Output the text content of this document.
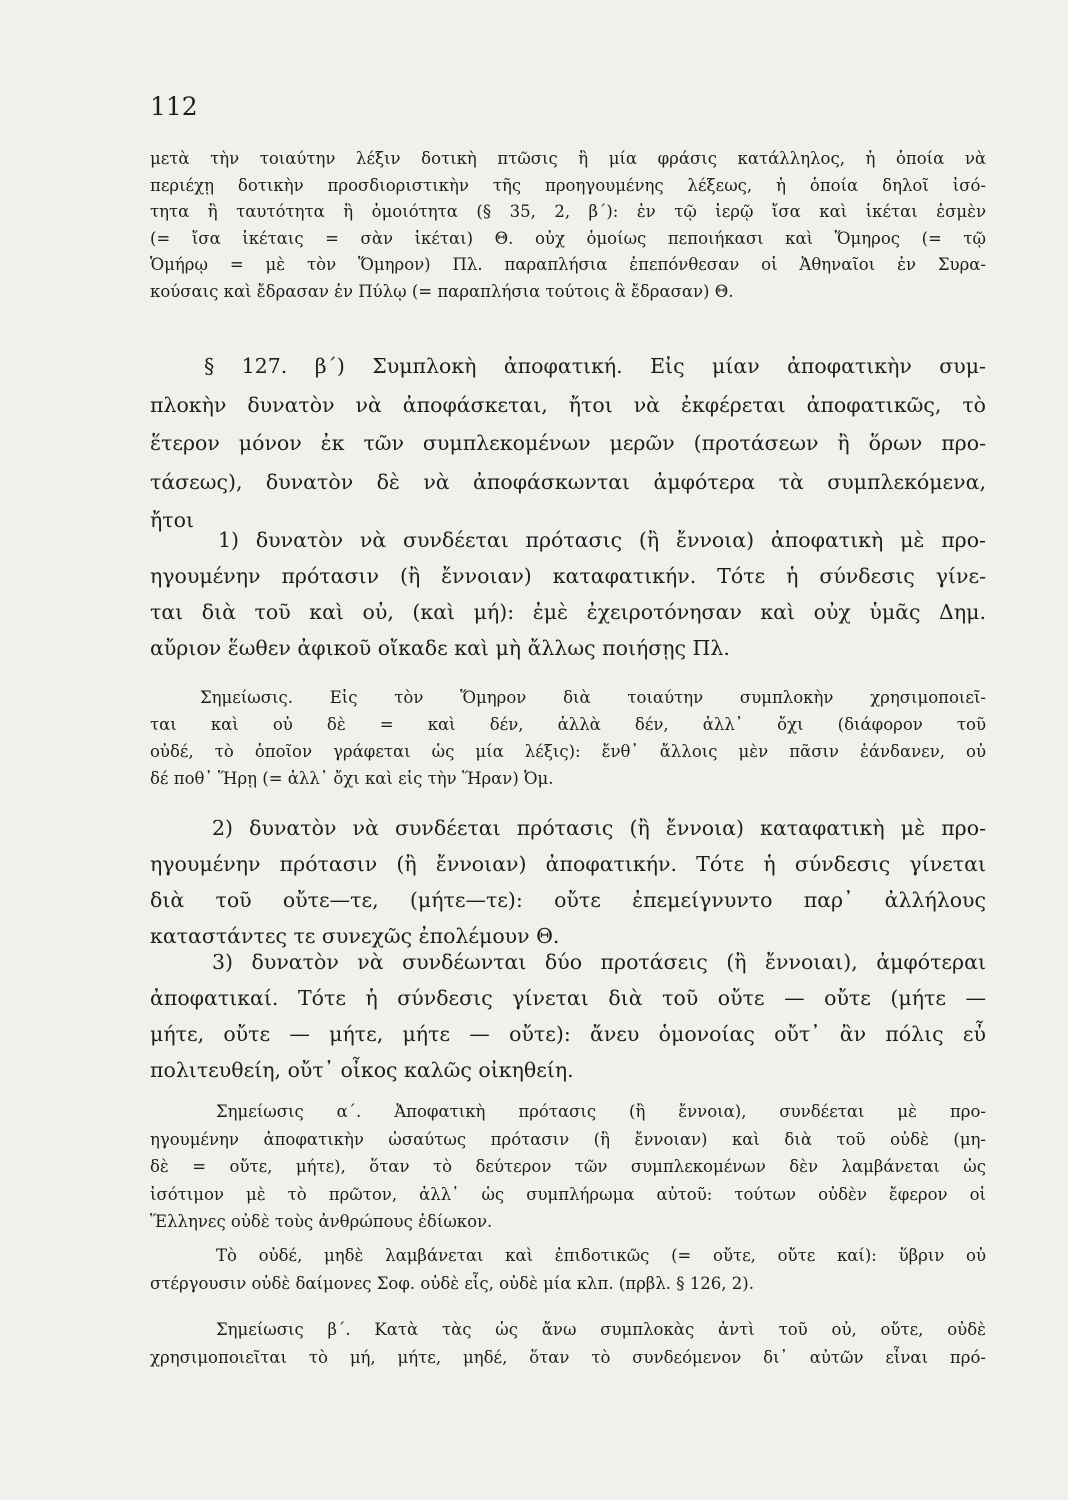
112
μετὰ τὴν τοιαύτην λέξιν δοτικὴ πτῶσις ἢ μία φράσις κατάλληλος, ἡ ὁποία νὰ
περιέχῃ δοτικὴν προσδιοριστικὴν τῆς προηγουμένης λέξεως, ἡ ὁποία δηλοῖ ἰσό-
τητα ἢ ταυτότητα ἢ ὁμοιότητα (§ 35, 2, β΄): ἐν τῷ ἱερῷ ἴσα καὶ ἱκέται ἐσμὲν
(= ἴσα ἱκέταις = σὰν ἱκέται) Θ. οὐχ ὁμοίως πεποιήκασι καὶ Ὅμηρος (= τῷ
Ὁμήρῳ = μὲ τὸν Ὅμηρον) Πλ. παραπλήσια ἐπεπόνθεσαν οἱ Ἀθηναῖοι ἐν Συρα-
κούσαις καὶ ἔδρασαν ἐν Πύλῳ (= παραπλήσια τούτοις ἃ ἔδρασαν) Θ.
§ 127. β΄) Συμπλοκὴ ἀποφατική. Εἰς μίαν ἀποφατικὴν συμ-
πλοκὴν δυνατὸν νὰ ἀποφάσκεται, ἤτοι νὰ ἐκφέρεται ἀποφατικῶς, τὸ
ἕτερον μόνον ἐκ τῶν συμπλεκομένων μερῶν (προτάσεων ἢ ὅρων προ-
τάσεως), δυνατὸν δὲ νὰ ἀποφάσκωνται ἀμφότερα τὰ συμπλεκόμενα,
ἤτοι
1) δυνατὸν νὰ συνδέεται πρότασις (ἢ ἔννοια) ἀποφατικὴ μὲ προ-
ηγουμένην πρότασιν (ἢ ἔννοιαν) καταφατικήν. Τότε ἡ σύνδεσις γίνε-
ται διὰ τοῦ καὶ οὐ, (καὶ μή): ἐμὲ ἐχειροτόνησαν καὶ οὐχ ὑμᾶς Δημ.
αὔριον ἕωθεν ἀφικοῦ οἴκαδε καὶ μὴ ἄλλως ποιήσῃς Πλ.
Σημείωσις. Εἰς τὸν Ὅμηρον διὰ τοιαύτην συμπλοκὴν χρησιμοποιεῖ-
ται καὶ οὐ δὲ = καὶ δέν, ἀλλὰ δέν, ἀλλ᾽ ὄχι (διάφορον τοῦ
οὐδέ, τὸ ὁποῖον γράφεται ὡς μία λέξις): ἔνθ᾽ ἄλλοις μὲν πᾶσιν ἑάνδανεν, οὐ
δέ ποθ᾽ Ἥρῃ (= ἀλλ᾽ ὄχι καὶ εἰς τὴν Ἥραν) Ὀμ.
2) δυνατὸν νὰ συνδέεται πρότασις (ἢ ἔννοια) καταφατικὴ μὲ προ-
ηγουμένην πρότασιν (ἢ ἔννοιαν) ἀποφατικήν. Τότε ἡ σύνδεσις γίνεται
διὰ τοῦ οὔτε—τε, (μήτε—τε): οὔτε ἐπεμείγνυντο παρ᾽ ἀλλήλους
καταστάντες τε συνεχῶς ἐπολέμουν Θ.
3) δυνατὸν νὰ συνδέωνται δύο προτάσεις (ἢ ἔννοιαι), ἀμφότεραι
ἀποφατικαί. Τότε ἡ σύνδεσις γίνεται διὰ τοῦ οὔτε — οὔτε (μήτε —
μήτε, οὔτε — μήτε, μήτε — οὔτε): ἄνευ ὁμονοίας οὔτ᾽ ἂν πόλις εὖ
πολιτευθείη, οὔτ᾽ οἶκος καλῶς οἰκηθείη.
Σημείωσις α΄. Ἀποφατικὴ πρότασις (ἢ ἔννοια), συνδέεται μὲ προ-
ηγουμένην ἀποφατικὴν ὡσαύτως πρότασιν (ἢ ἔννοιαν) καὶ διὰ τοῦ οὐδὲ (μη-
δὲ = οὔτε, μήτε), ὅταν τὸ δεύτερον τῶν συμπλεκομένων δὲν λαμβάνεται ὡς
ἰσότιμον μὲ τὸ πρῶτον, ἀλλ᾽ ὡς συμπλήρωμα αὐτοῦ: τούτων οὐδὲν ἔφερον οἱ
Ἕλληνες οὐδὲ τοὺς ἀνθρώπους ἐδίωκον.
Τὸ οὐδέ, μηδὲ λαμβάνεται καὶ ἐπιδοτικῶς (= οὔτε, οὔτε καί): ὕβριν οὐ
στέργουσιν οὐδὲ δαίμονες Σοφ. οὐδὲ εἷς, οὐδὲ μία κλπ. (πρβλ. § 126, 2).
Σημείωσις β΄. Κατὰ τὰς ὡς ἄνω συμπλοκὰς ἀντὶ τοῦ οὐ, οὔτε, οὐδὲ
χρησιμοποιεῖται τὸ μή, μήτε, μηδέ, ὅταν τὸ συνδεόμενον δι᾽ αὐτῶν εἶναι πρό-
